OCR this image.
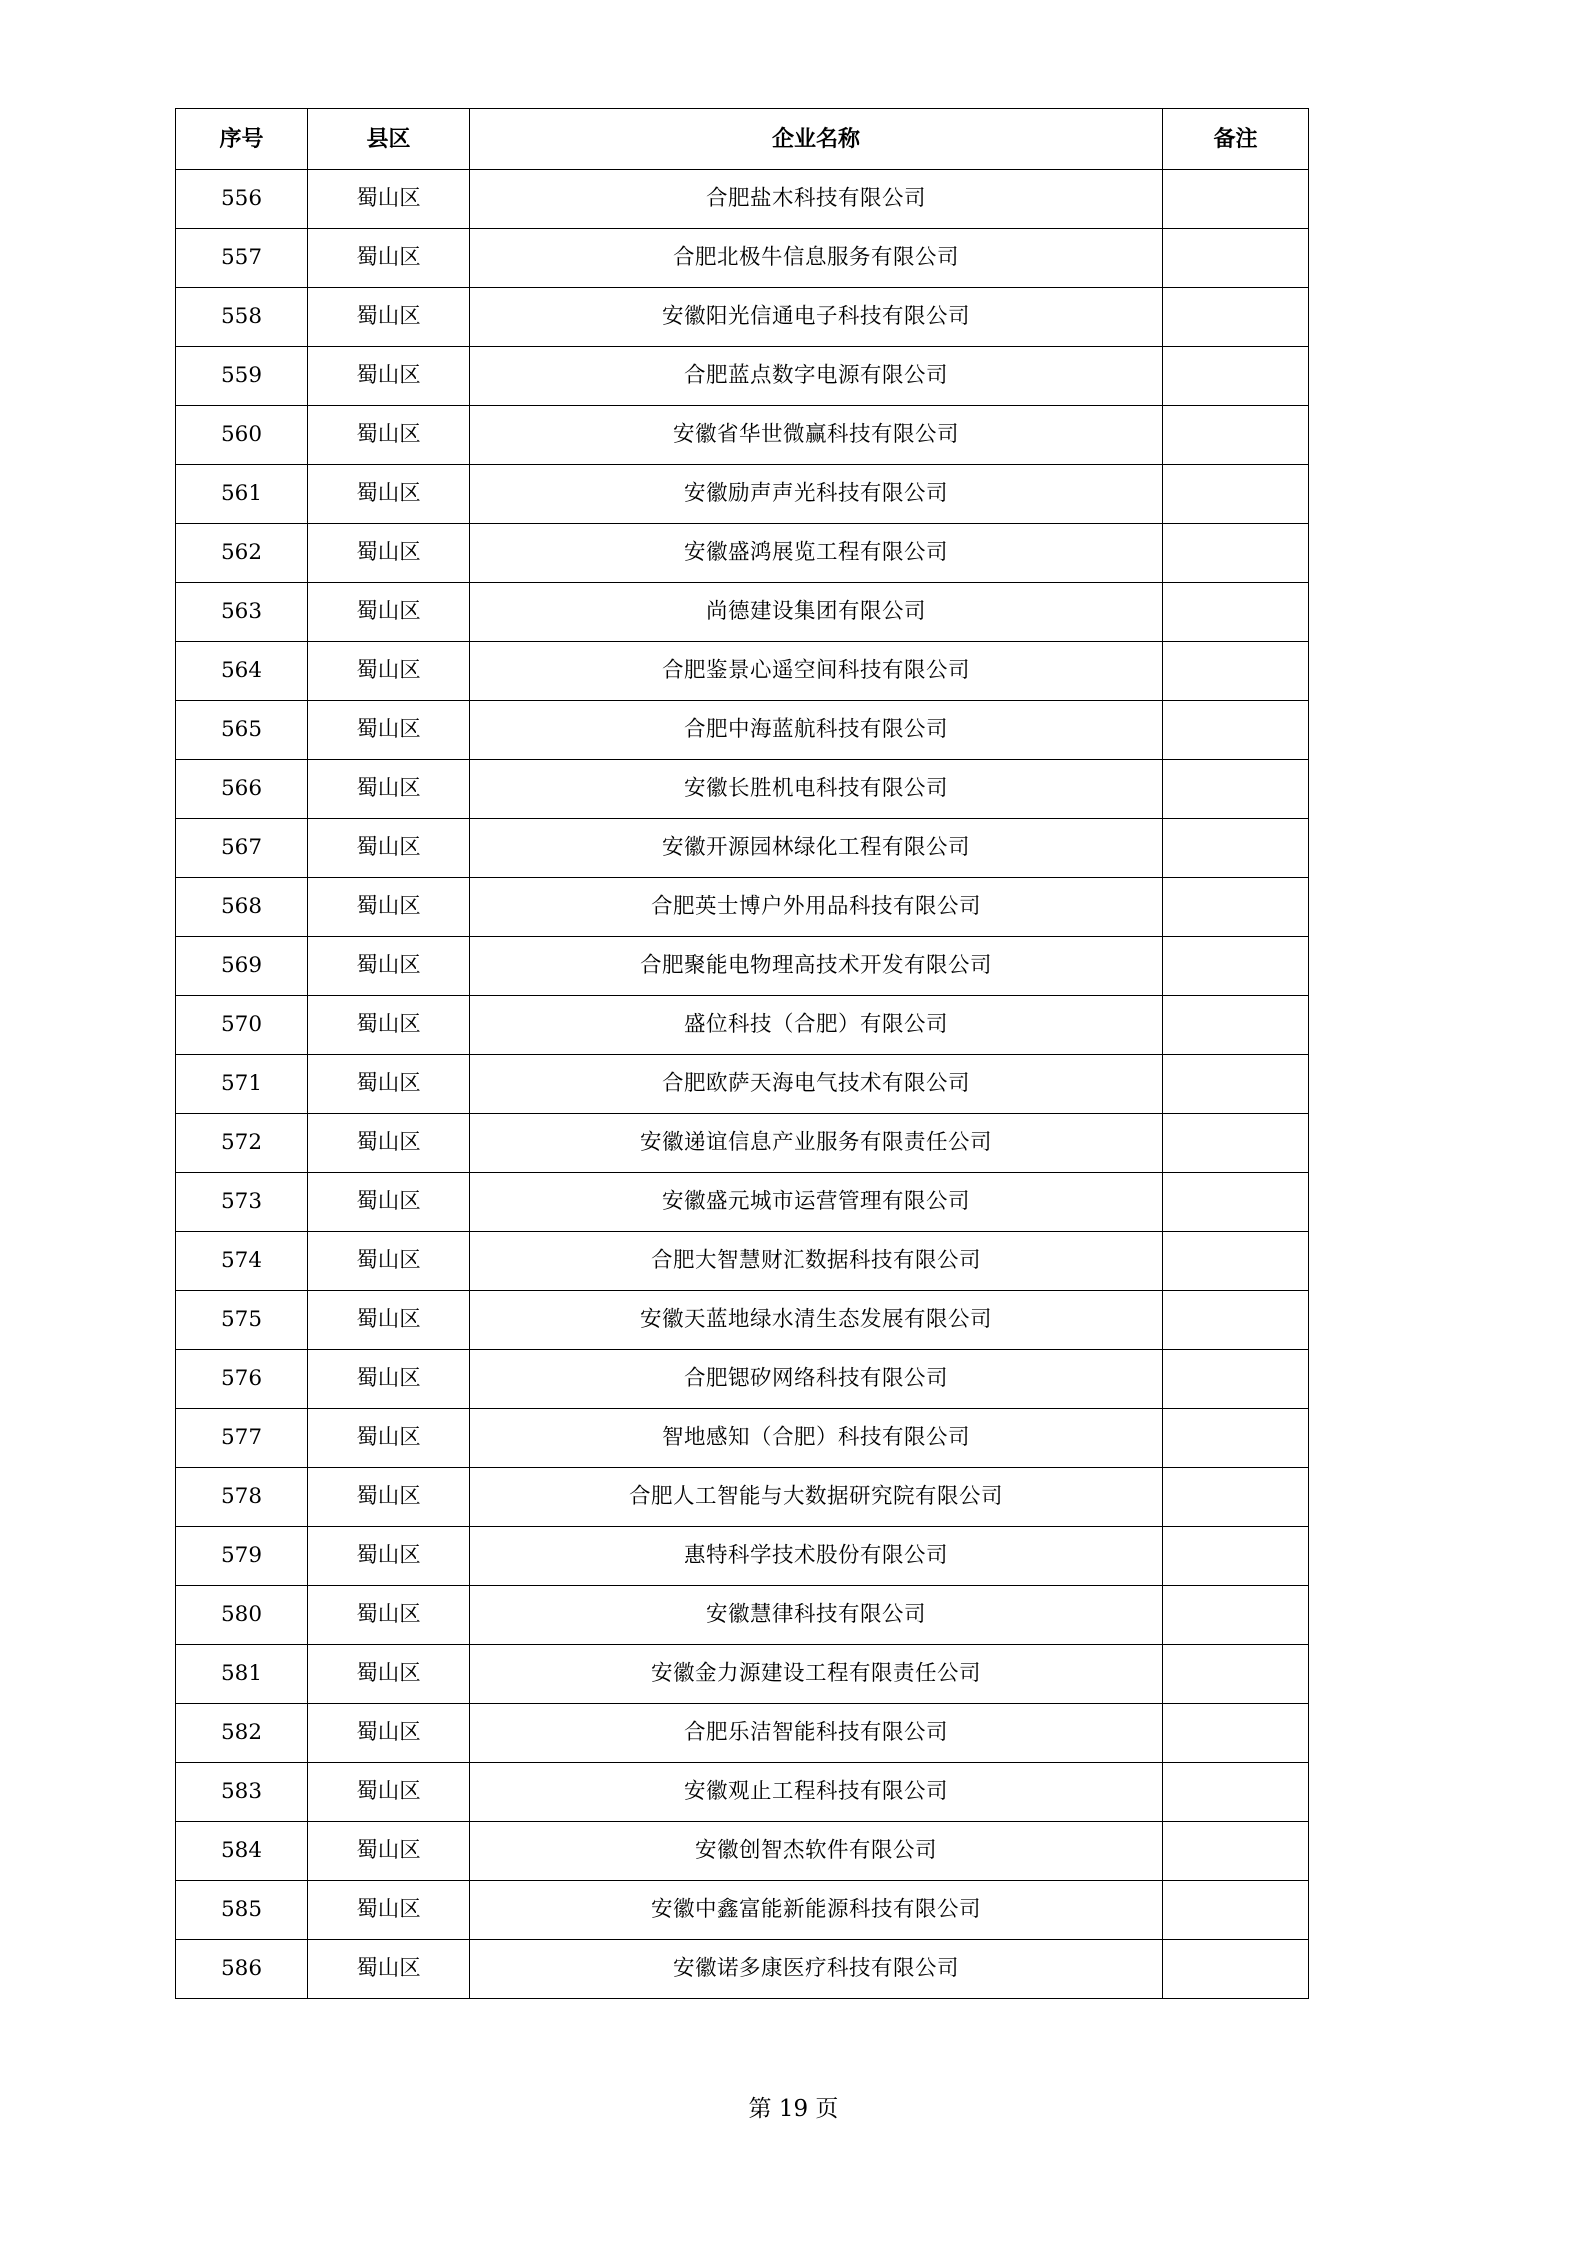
序号	县区	企业名称	备注
556	蜀山区	合肥盐木科技有限公司	
557	蜀山区	合肥北极牛信息服务有限公司	
558	蜀山区	安徽阳光信通电子科技有限公司	
559	蜀山区	合肥蓝点数字电源有限公司	
560	蜀山区	安徽省华世微赢科技有限公司	
561	蜀山区	安徽励声声光科技有限公司	
562	蜀山区	安徽盛鸿展览工程有限公司	
563	蜀山区	尚德建设集团有限公司	
564	蜀山区	合肥鉴景心遥空间科技有限公司	
565	蜀山区	合肥中海蓝航科技有限公司	
566	蜀山区	安徽长胜机电科技有限公司	
567	蜀山区	安徽开源园林绿化工程有限公司	
568	蜀山区	合肥英士博户外用品科技有限公司	
569	蜀山区	合肥聚能电物理高技术开发有限公司	
570	蜀山区	盛位科技（合肥）有限公司	
571	蜀山区	合肥欧萨天海电气技术有限公司	
572	蜀山区	安徽递谊信息产业服务有限责任公司	
573	蜀山区	安徽盛元城市运营管理有限公司	
574	蜀山区	合肥大智慧财汇数据科技有限公司	
575	蜀山区	安徽天蓝地绿水清生态发展有限公司	
576	蜀山区	合肥锶矽网络科技有限公司	
577	蜀山区	智地感知（合肥）科技有限公司	
578	蜀山区	合肥人工智能与大数据研究院有限公司	
579	蜀山区	惠特科学技术股份有限公司	
580	蜀山区	安徽慧律科技有限公司	
581	蜀山区	安徽金力源建设工程有限责任公司	
582	蜀山区	合肥乐洁智能科技有限公司	
583	蜀山区	安徽观止工程科技有限公司	
584	蜀山区	安徽创智杰软件有限公司	
585	蜀山区	安徽中鑫富能新能源科技有限公司	
586	蜀山区	安徽诺多康医疗科技有限公司	
第 19 页
